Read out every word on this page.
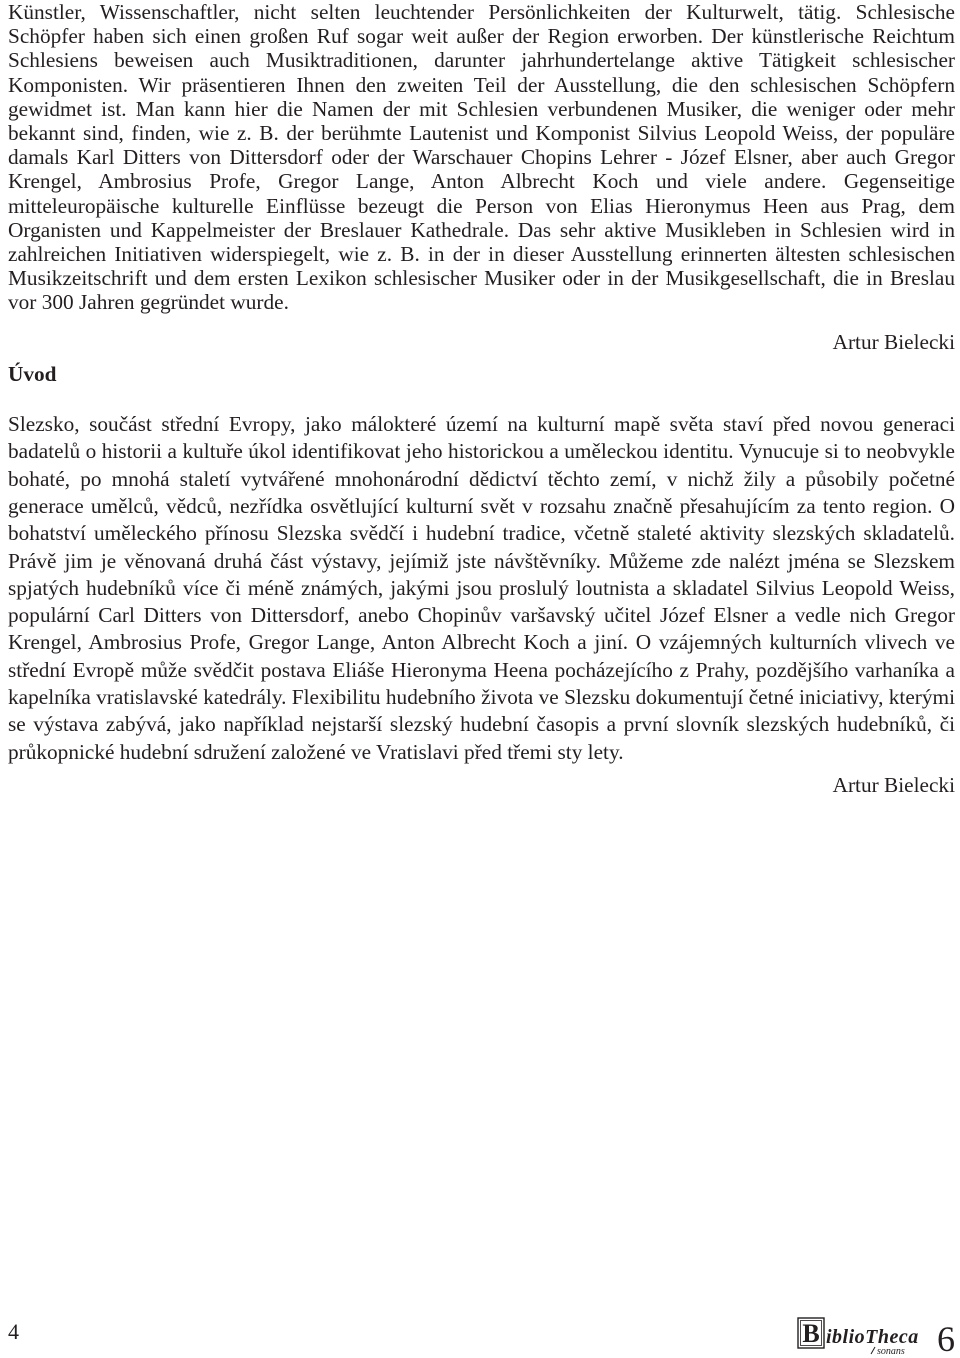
Künstler, Wissenschaftler, nicht selten leuchtender Persönlichkeiten der Kulturwelt, tätig. Schlesische Schöpfer haben sich einen großen Ruf sogar weit außer der Region erworben. Der künstlerische Reichtum Schlesiens beweisen auch Musiktraditionen, darunter jahrhundertelange aktive Tätigkeit schlesischer Komponisten. Wir präsentieren Ihnen den zweiten Teil der Ausstellung, die den schlesischen Schöpfern gewidmet ist. Man kann hier die Namen der mit Schlesien verbundenen Musiker, die weniger oder mehr bekannt sind, finden, wie z. B. der berühmte Lautenist und Komponist Silvius Leopold Weiss, der populäre damals Karl Ditters von Dittersdorf oder der Warschauer Chopins Lehrer - Józef Elsner, aber auch Gregor Krengel, Ambrosius Profe, Gregor Lange, Anton Albrecht Koch und viele andere. Gegenseitige mitteleuropäische kulturelle Einflüsse bezeugt die Person von Elias Hieronymus Heen aus Prag, dem Organisten und Kappelmeister der Breslauer Kathedrale. Das sehr aktive Musikleben in Schlesien wird in zahlreichen Initiativen widerspiegelt, wie z. B. in der in dieser Ausstellung erinnerten ältesten schlesischen Musikzeitschrift und dem ersten Lexikon schlesischer Musiker oder in der Musikgesellschaft, die in Breslau vor 300 Jahren gegründet wurde.

Artur Bielecki

Úvod

Slezsko, součást střední Evropy, jako málokteré území na kulturní mapě světa staví před novou generaci badatelů o historii a kultuře úkol identifikovat jeho historickou a uměleckou identitu. Vynucuje si to neobvykle bohaté, po mnohá staletí vytvářené mnohonárodní dědictví těchto zemí, v nichž žily a působily početné generace umělců, vědců, nezřídka osvětlující kulturní svět v rozsahu značně přesahujícím za tento region. O bohatství uměleckého přínosu Slezska svědčí i hudební tradice, včetně staleté aktivity slezských skladatelů. Právě jim je věnovaná druhá část výstavy, jejímiž jste návštěvníky. Můžeme zde nalézt jména se Slezskem spjatých hudebníků více či méně známých, jakými jsou proslulý loutnista a skladatel Silvius Leopold Weiss, populární Carl Ditters von Dittersdorf, anebo Chopinův varšavský učitel Józef Elsner a vedle nich Gregor Krengel, Ambrosius Profe, Gregor Lange, Anton Albrecht Koch a jiní. O vzájemných kulturních vlivech ve střední Evropě může svědčit postava Eliáše Hieronyma Heena pocházejícího z Prahy, pozdějšího varhaníka a kapelníka vratislavské katedrály. Flexibilitu hudebního života ve Slezsku dokumentují četné iniciativy, kterými se výstava zabývá, jako například nejstarší slezský hudební časopis a první slovník slezských hudebníků, či průkopnické hudební sdružení založené ve Vratislavi před třemi sty lety.

Artur Bielecki

4	B iblioTheca
sonans 6
